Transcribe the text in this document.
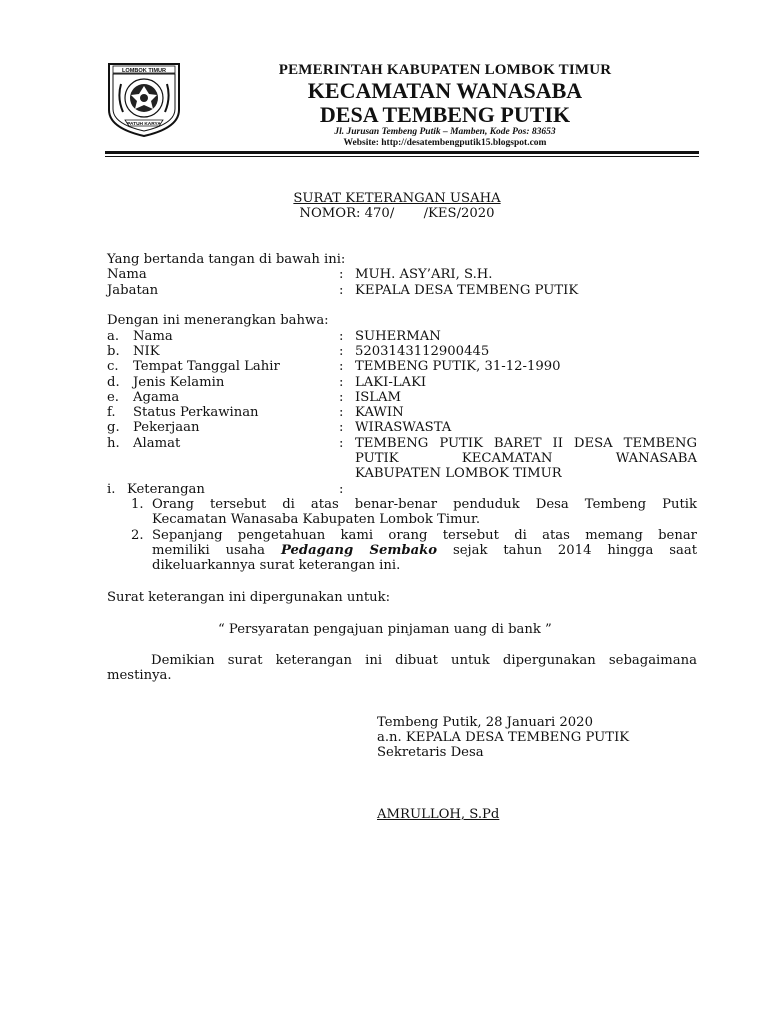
LOMBOK TIMUR
PATUH KARYA
PEMERINTAH KABUPATEN LOMBOK TIMUR
KECAMATAN WANASABA
DESA TEMBENG PUTIK
Jl. Jurusan Tembeng Putik – Mamben, Kode Pos: 83653
Website: http://desatembengputik15.blogspot.com
SURAT KETERANGAN USAHA
NOMOR: 470/       /KES/2020
Yang bertanda tangan di bawah ini:
Nama	: MUH. ASY’ARI, S.H.
Jabatan	: KEPALA DESA TEMBENG PUTIK
Dengan ini menerangkan bahwa:
a. Nama	: SUHERMAN
b. NIK	: 5203143112900445
c. Tempat Tanggal Lahir	: TEMBENG PUTIK, 31-12-1990
d. Jenis Kelamin	: LAKI-LAKI
e. Agama	: ISLAM
f. Status Perkawinan	: KAWIN
g. Pekerjaan	: WIRASWASTA
h. Alamat	: TEMBENG PUTIK BARET II DESA TEMBENG
PUTIK KECAMATAN WANASABA
KABUPATEN LOMBOK TIMUR
i. Keterangan	:
1. Orang tersebut di atas benar-benar penduduk Desa Tembeng Putik
Kecamatan Wanasaba Kabupaten Lombok Timur.
2. Sepanjang pengetahuan kami orang tersebut di atas memang benar
memiliki usaha Pedagang Sembako sejak tahun 2014 hingga saat
dikeluarkannya surat keterangan ini.
Surat keterangan ini dipergunakan untuk:
“ Persyaratan pengajuan pinjaman uang di bank ”
Demikian surat keterangan ini dibuat untuk dipergunakan sebagaimana
mestinya.
Tembeng Putik, 28 Januari 2020
a.n. KEPALA DESA TEMBENG PUTIK
Sekretaris Desa
AMRULLOH, S.Pd
